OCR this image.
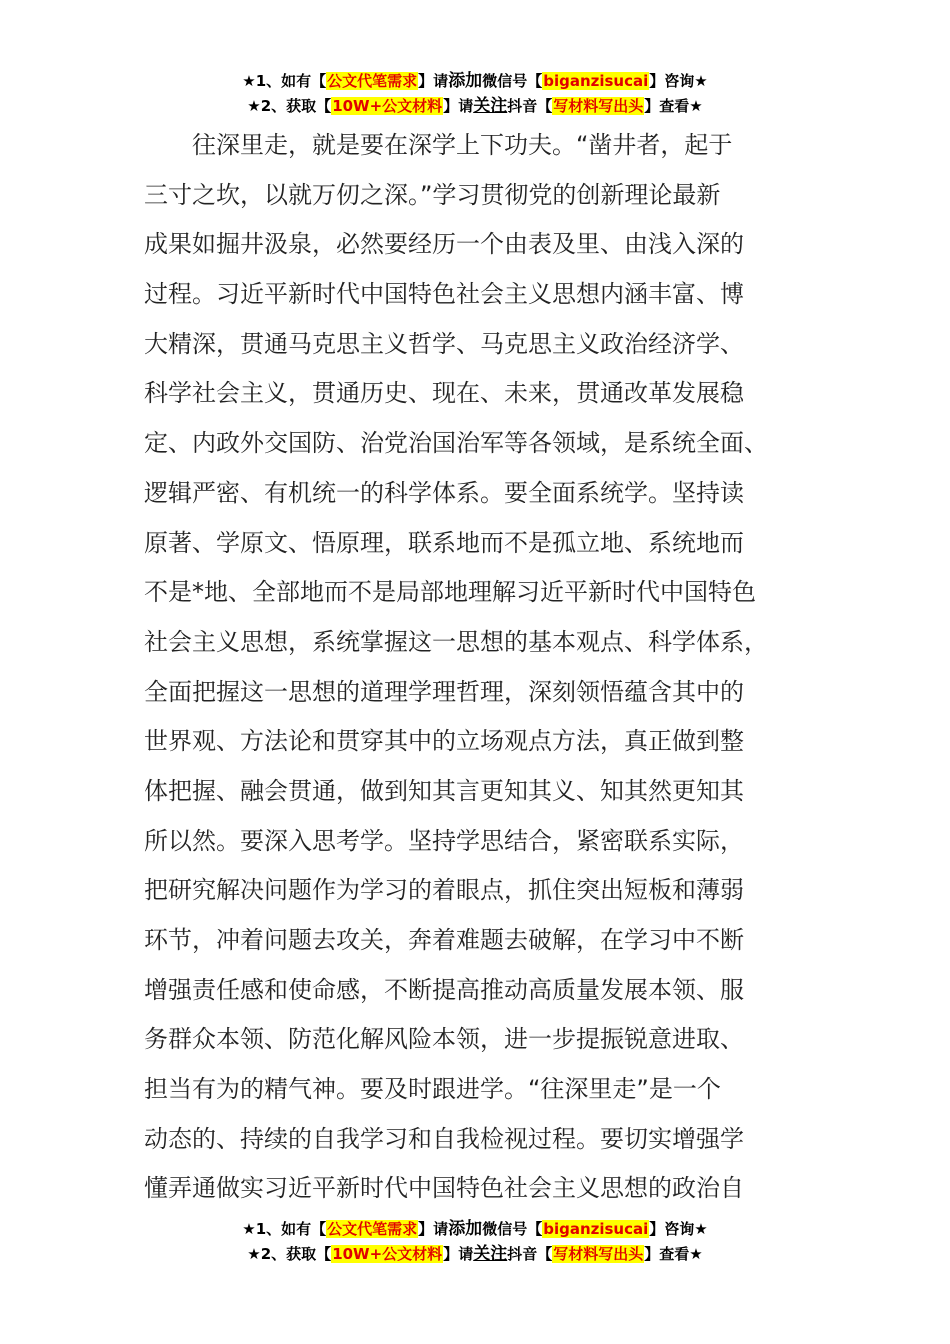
★1、如有【公文代笔需求】请添加微信号【biganzisucai】咨询★
★2、获取【10W+公文材料】请关注抖音【写材料写出头】查看★
　　往深里走，就是要在深学上下功夫。“凿井者，起于
三寸之坎，以就万仞之深。”学习贯彻党的创新理论最新
成果如掘井汲泉，必然要经历一个由表及里、由浅入深的
过程。习近平新时代中国特色社会主义思想内涵丰富、博
大精深，贯通马克思主义哲学、马克思主义政治经济学、
科学社会主义，贯通历史、现在、未来，贯通改革发展稳
定、内政外交国防、治党治国治军等各领域，是系统全面、
逻辑严密、有机统一的科学体系。要全面系统学。坚持读
原著、学原文、悟原理，联系地而不是孤立地、系统地而
不是*地、全部地而不是局部地理解习近平新时代中国特色
社会主义思想，系统掌握这一思想的基本观点、科学体系，
全面把握这一思想的道理学理哲理，深刻领悟蕴含其中的
世界观、方法论和贯穿其中的立场观点方法，真正做到整
体把握、融会贯通，做到知其言更知其义、知其然更知其
所以然。要深入思考学。坚持学思结合，紧密联系实际，
把研究解决问题作为学习的着眼点，抓住突出短板和薄弱
环节，冲着问题去攻关，奔着难题去破解，在学习中不断
增强责任感和使命感，不断提高推动高质量发展本领、服
务群众本领、防范化解风险本领，进一步提振锐意进取、
担当有为的精气神。要及时跟进学。“往深里走”是一个
动态的、持续的自我学习和自我检视过程。要切实增强学
懂弄通做实习近平新时代中国特色社会主义思想的政治自
★1、如有【公文代笔需求】请添加微信号【biganzisucai】咨询★
★2、获取【10W+公文材料】请关注抖音【写材料写出头】查看★
